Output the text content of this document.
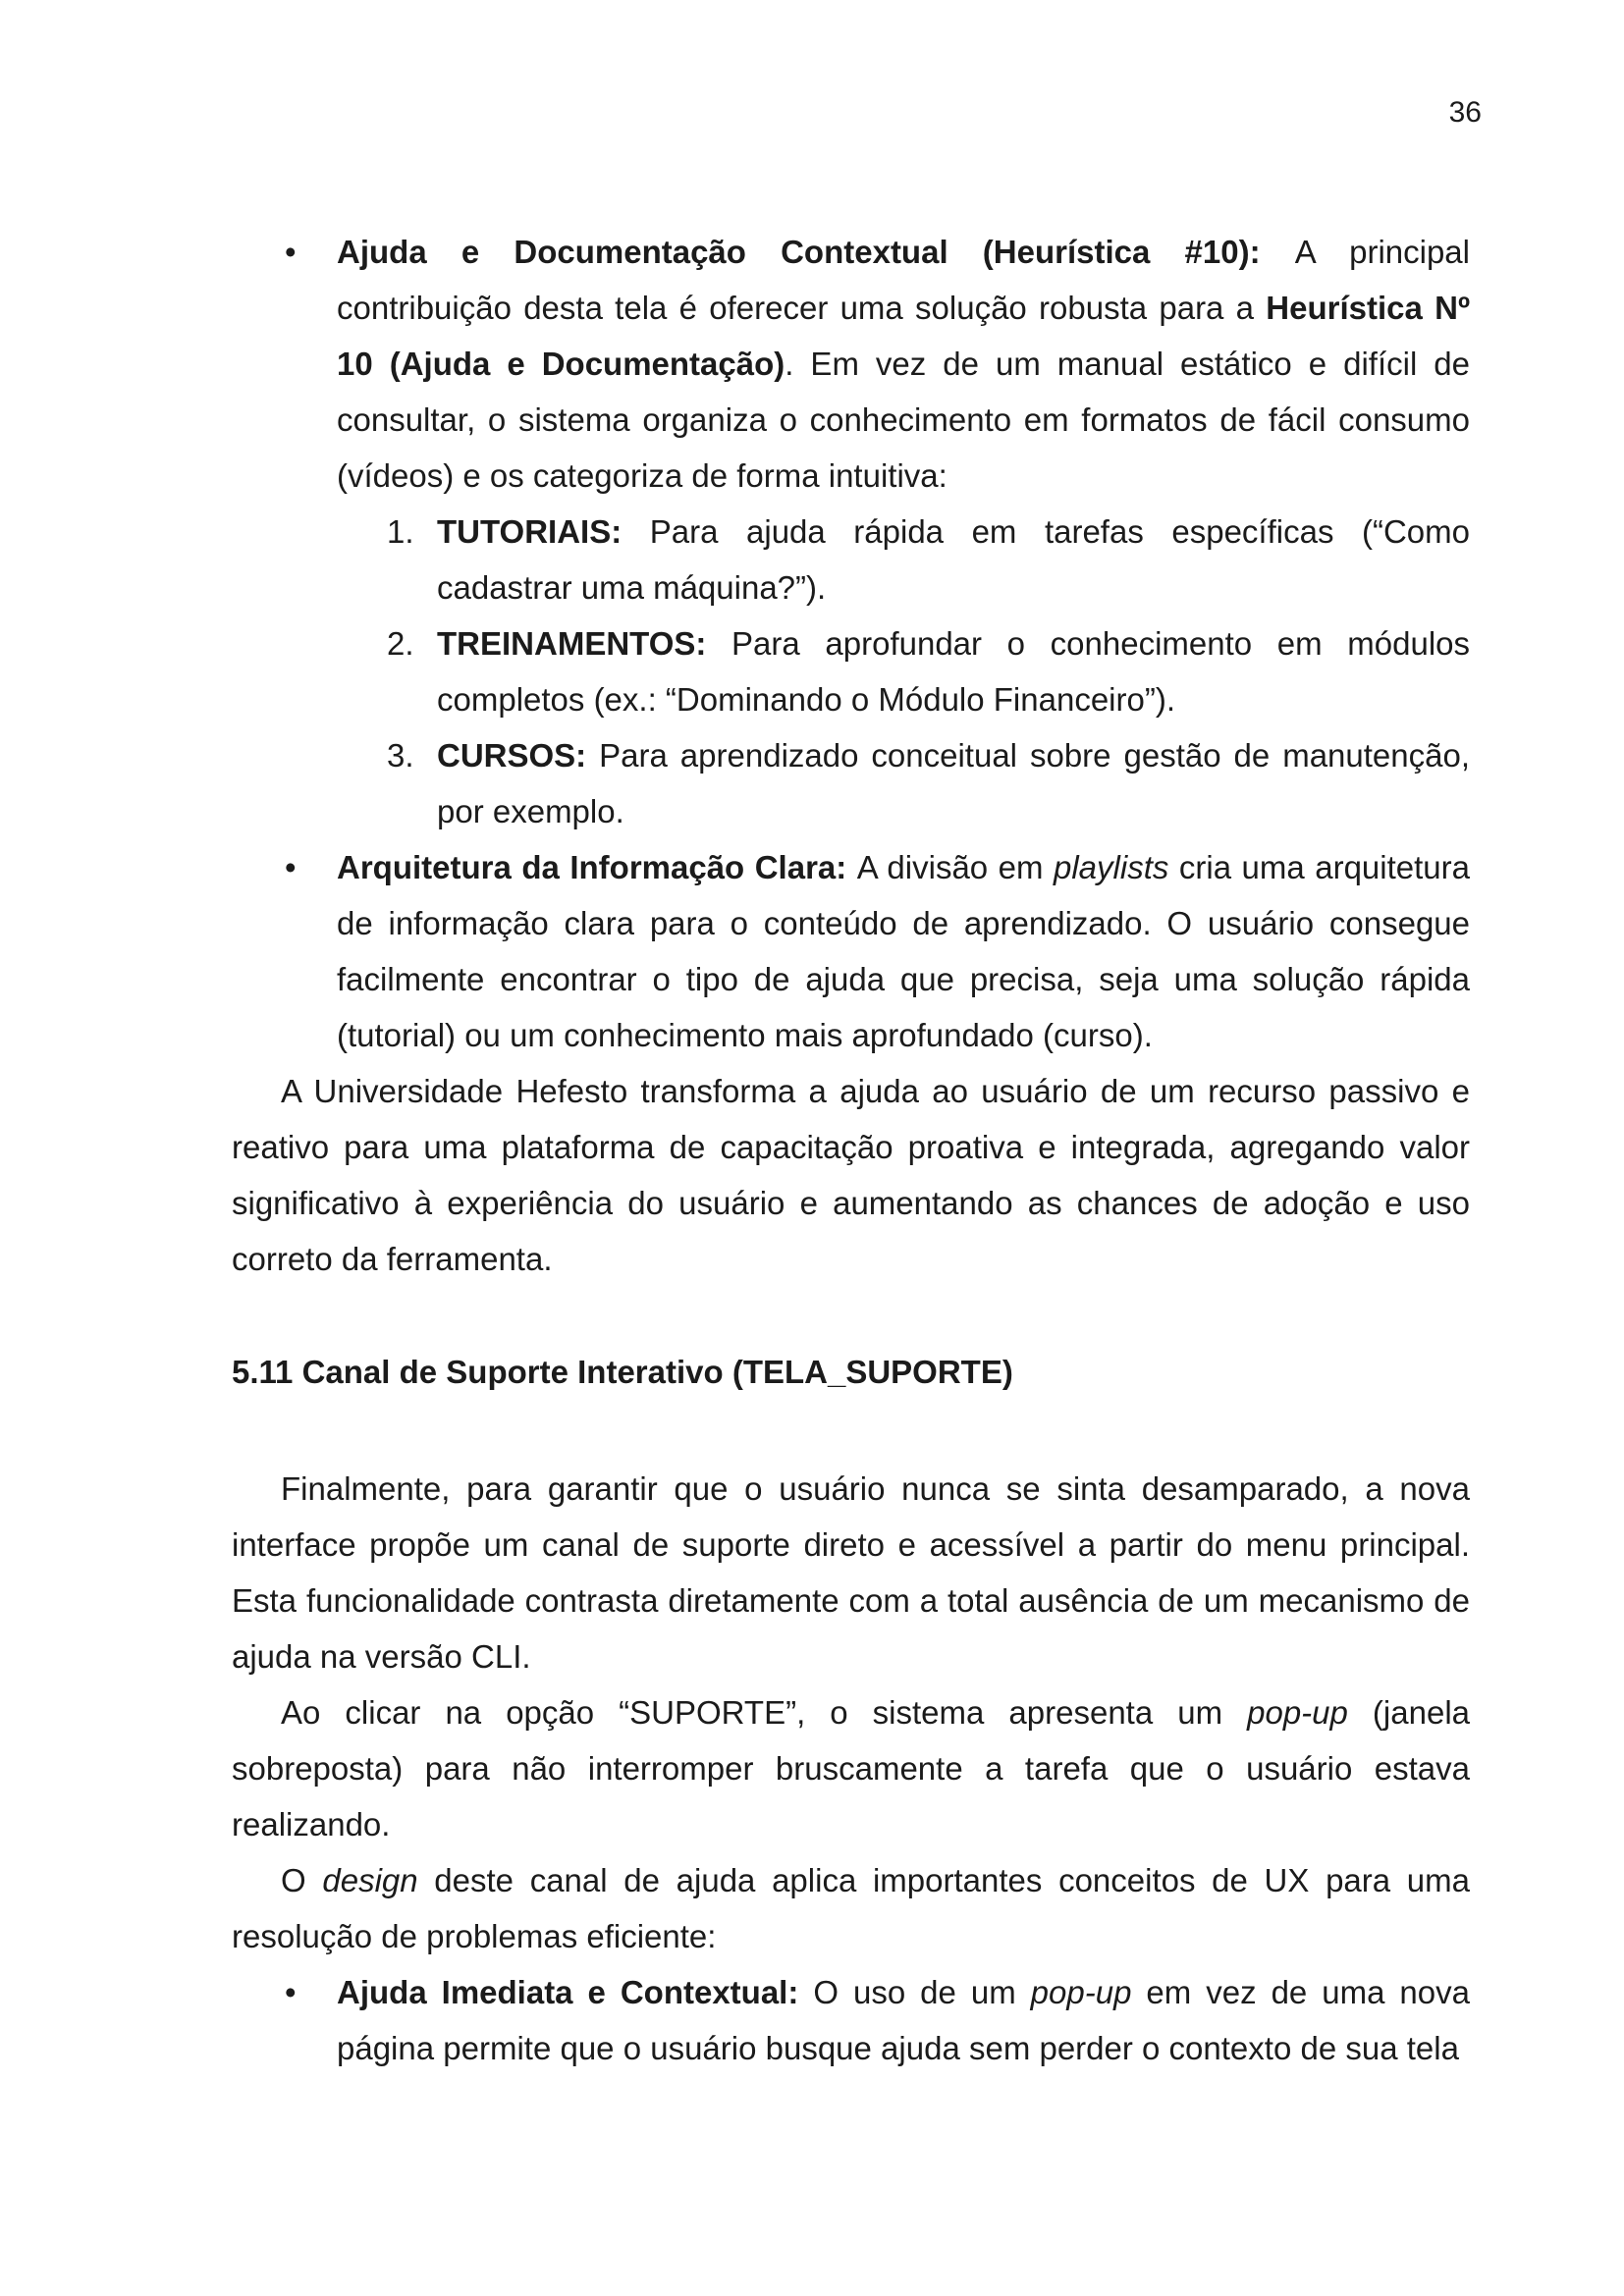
36
• Ajuda e Documentação Contextual (Heurística #10): A principal contribuição desta tela é oferecer uma solução robusta para a Heurística Nº 10 (Ajuda e Documentação). Em vez de um manual estático e difícil de consultar, o sistema organiza o conhecimento em formatos de fácil consumo (vídeos) e os categoriza de forma intuitiva:
1. TUTORIAIS: Para ajuda rápida em tarefas específicas (“Como cadastrar uma máquina?”).
2. TREINAMENTOS: Para aprofundar o conhecimento em módulos completos (ex.: “Dominando o Módulo Financeiro”).
3. CURSOS: Para aprendizado conceitual sobre gestão de manutenção, por exemplo.
• Arquitetura da Informação Clara: A divisão em playlists cria uma arquitetura de informação clara para o conteúdo de aprendizado. O usuário consegue facilmente encontrar o tipo de ajuda que precisa, seja uma solução rápida (tutorial) ou um conhecimento mais aprofundado (curso).
A Universidade Hefesto transforma a ajuda ao usuário de um recurso passivo e reativo para uma plataforma de capacitação proativa e integrada, agregando valor significativo à experiência do usuário e aumentando as chances de adoção e uso correto da ferramenta.
5.11 Canal de Suporte Interativo (TELA_SUPORTE)
Finalmente, para garantir que o usuário nunca se sinta desamparado, a nova interface propõe um canal de suporte direto e acessível a partir do menu principal. Esta funcionalidade contrasta diretamente com a total ausência de um mecanismo de ajuda na versão CLI.
Ao clicar na opção “SUPORTE”, o sistema apresenta um pop-up (janela sobreposta) para não interromper bruscamente a tarefa que o usuário estava realizando.
O design deste canal de ajuda aplica importantes conceitos de UX para uma resolução de problemas eficiente:
• Ajuda Imediata e Contextual: O uso de um pop-up em vez de uma nova página permite que o usuário busque ajuda sem perder o contexto de sua tela
